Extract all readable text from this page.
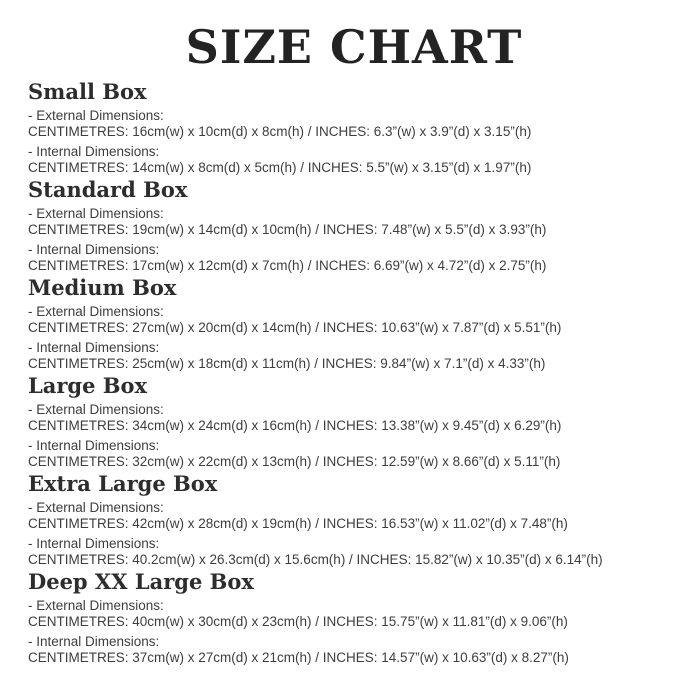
SIZE CHART
Small Box

- External Dimensions:

CENTIMETRES: 16cm(w) x 10cm(d) x 8cm(h) / INCHES: 6.3”(w) x 3.9”(d) x 3.15”(h)

- Internal Dimensions:

CENTIMETRES: 14cm(w) x 8cm(d) x 5cm(h) / INCHES: 5.5”(w) x 3.15”(d) x 1.97”(h)

Standard Box

- External Dimensions:

CENTIMETRES: 19cm(w) x 14cm(d) x 10cm(h) / INCHES: 7.48”(w) x 5.5”(d) x 3.93”(h)

- Internal Dimensions:

CENTIMETRES: 17cm(w) x 12cm(d) x 7cm(h) / INCHES: 6.69”(w) x 4.72”(d) x 2.75”(h)

Medium Box

- External Dimensions:

CENTIMETRES: 27cm(w) x 20cm(d) x 14cm(h) / INCHES: 10.63”(w) x 7.87”(d) x 5.51”(h)

- Internal Dimensions:

CENTIMETRES: 25cm(w) x 18cm(d) x 11cm(h) / INCHES: 9.84”(w) x 7.1”(d) x 4.33”(h)

Large Box

- External Dimensions:

CENTIMETRES: 34cm(w) x 24cm(d) x 16cm(h) / INCHES: 13.38”(w) x 9.45”(d) x 6.29”(h)

- Internal Dimensions:

CENTIMETRES: 32cm(w) x 22cm(d) x 13cm(h) / INCHES: 12.59”(w) x 8.66”(d) x 5.11”(h)

Extra Large Box

- External Dimensions:

CENTIMETRES: 42cm(w) x 28cm(d) x 19cm(h) / INCHES: 16.53”(w) x 11.02”(d) x 7.48”(h)

- Internal Dimensions:

CENTIMETRES: 40.2cm(w) x 26.3cm(d) x 15.6cm(h) / INCHES: 15.82”(w) x 10.35”(d) x 6.14”(h)

Deep XX Large Box

- External Dimensions:

CENTIMETRES: 40cm(w) x 30cm(d) x 23cm(h) / INCHES: 15.75”(w) x 11.81”(d) x 9.06”(h)

- Internal Dimensions:

CENTIMETRES: 37cm(w) x 27cm(d) x 21cm(h) / INCHES: 14.57”(w) x 10.63”(d) x 8.27”(h)
